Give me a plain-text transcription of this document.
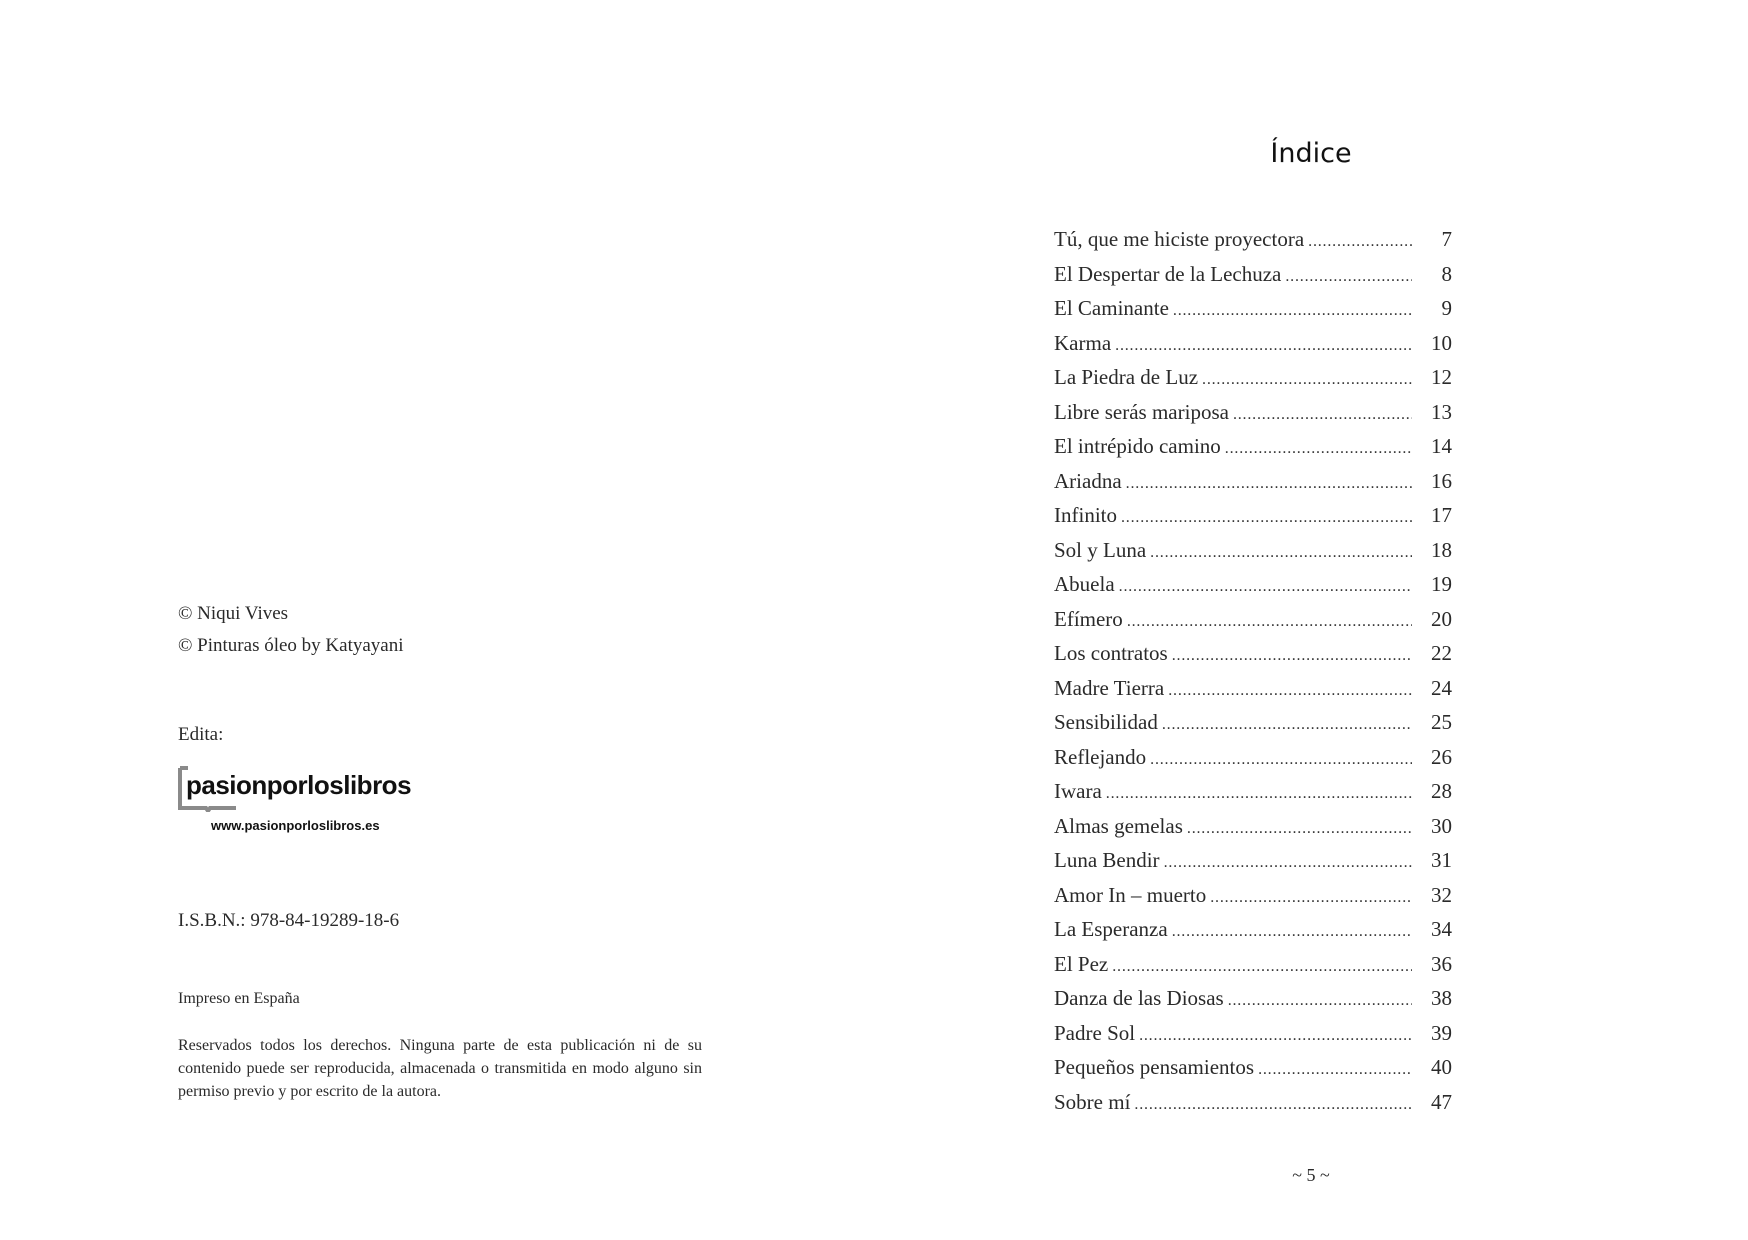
© Niqui Vives
© Pinturas óleo by Katyayani
Edita:
pasionporloslibros
www.pasionporloslibros.es
I.S.B.N.: 978-84-19289-18-6
Impreso en España
Reservados todos los derechos. Ninguna parte de esta publicación ni de su contenido puede ser reproducida, almacenada o transmitida en modo alguno sin permiso previo y por escrito de la autora.
Índice
Tú, que me hiciste proyectora . . .	7
El Despertar de la Lechuza . . .	8
El Caminante . . .	9
Karma . . .	10
La Piedra de Luz . . .	12
Libre serás mariposa . . .	13
El intrépido camino . . .	14
Ariadna . . .	16
Infinito . . .	17
Sol y Luna . . .	18
Abuela . . .	19
Efímero . . .	20
Los contratos . . .	22
Madre Tierra . . .	24
Sensibilidad . . .	25
Reflejando . . .	26
Iwara . . .	28
Almas gemelas . . .	30
Luna Bendir . . .	31
Amor In – muerto . . .	32
La Esperanza . . .	34
El Pez . . .	36
Danza de las Diosas . . .	38
Padre Sol . . .	39
Pequeños pensamientos . . .	40
Sobre mí . . .	47
~ 5 ~
